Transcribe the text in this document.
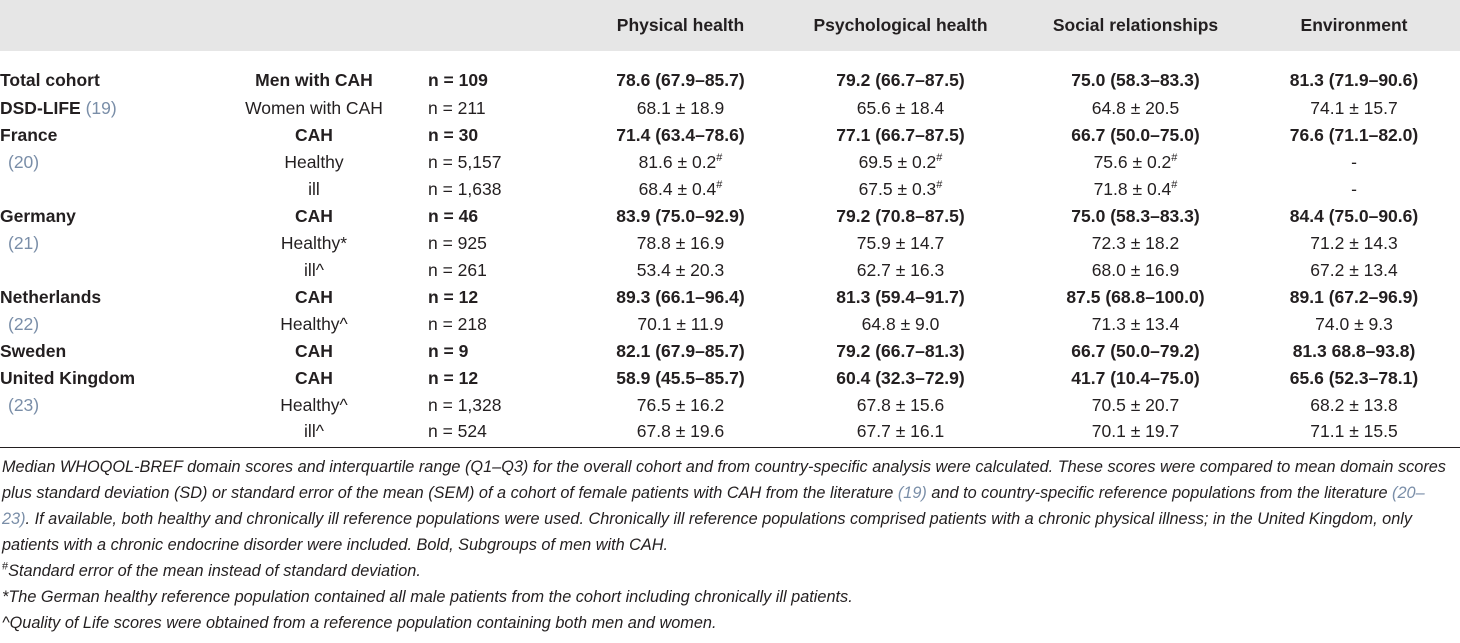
			Physical health	Psychological health	Social relationships	Environment
Total cohort	Men with CAH	n = 109	78.6 (67.9–85.7)	79.2 (66.7–87.5)	75.0 (58.3–83.3)	81.3 (71.9–90.6)
DSD-LIFE (19)	Women with CAH	n = 211	68.1 ± 18.9	65.6 ± 18.4	64.8 ± 20.5	74.1 ± 15.7
France	CAH	n = 30	71.4 (63.4–78.6)	77.1 (66.7–87.5)	66.7 (50.0–75.0)	76.6 (71.1–82.0)
(20)	Healthy	n = 5,157	81.6 ± 0.2#	69.5 ± 0.2#	75.6 ± 0.2#	-
	ill	n = 1,638	68.4 ± 0.4#	67.5 ± 0.3#	71.8 ± 0.4#	-
Germany	CAH	n = 46	83.9 (75.0–92.9)	79.2 (70.8–87.5)	75.0 (58.3–83.3)	84.4 (75.0–90.6)
(21)	Healthy*	n = 925	78.8 ± 16.9	75.9 ± 14.7	72.3 ± 18.2	71.2 ± 14.3
	ill^	n = 261	53.4 ± 20.3	62.7 ± 16.3	68.0 ± 16.9	67.2 ± 13.4
Netherlands	CAH	n = 12	89.3 (66.1–96.4)	81.3 (59.4–91.7)	87.5 (68.8–100.0)	89.1 (67.2–96.9)
(22)	Healthy^	n = 218	70.1 ± 11.9	64.8 ± 9.0	71.3 ± 13.4	74.0 ± 9.3
Sweden	CAH	n = 9	82.1 (67.9–85.7)	79.2 (66.7–81.3)	66.7 (50.0–79.2)	81.3 68.8–93.8)
United Kingdom	CAH	n = 12	58.9 (45.5–85.7)	60.4 (32.3–72.9)	41.7 (10.4–75.0)	65.6 (52.3–78.1)
(23)	Healthy^	n = 1,328	76.5 ± 16.2	67.8 ± 15.6	70.5 ± 20.7	68.2 ± 13.8
	ill^	n = 524	67.8 ± 19.6	67.7 ± 16.1	70.1 ± 19.7	71.1 ± 15.5

Median WHOQOL-BREF domain scores and interquartile range (Q1–Q3) for the overall cohort and from country-specific analysis were calculated. These scores were compared to mean domain scores plus standard deviation (SD) or standard error of the mean (SEM) of a cohort of female patients with CAH from the literature (19) and to country-specific reference populations from the literature (20–23). If available, both healthy and chronically ill reference populations were used. Chronically ill reference populations comprised patients with a chronic physical illness; in the United Kingdom, only patients with a chronic endocrine disorder were included. Bold, Subgroups of men with CAH.

#Standard error of the mean instead of standard deviation.

*The German healthy reference population contained all male patients from the cohort including chronically ill patients.

^Quality of Life scores were obtained from a reference population containing both men and women.
